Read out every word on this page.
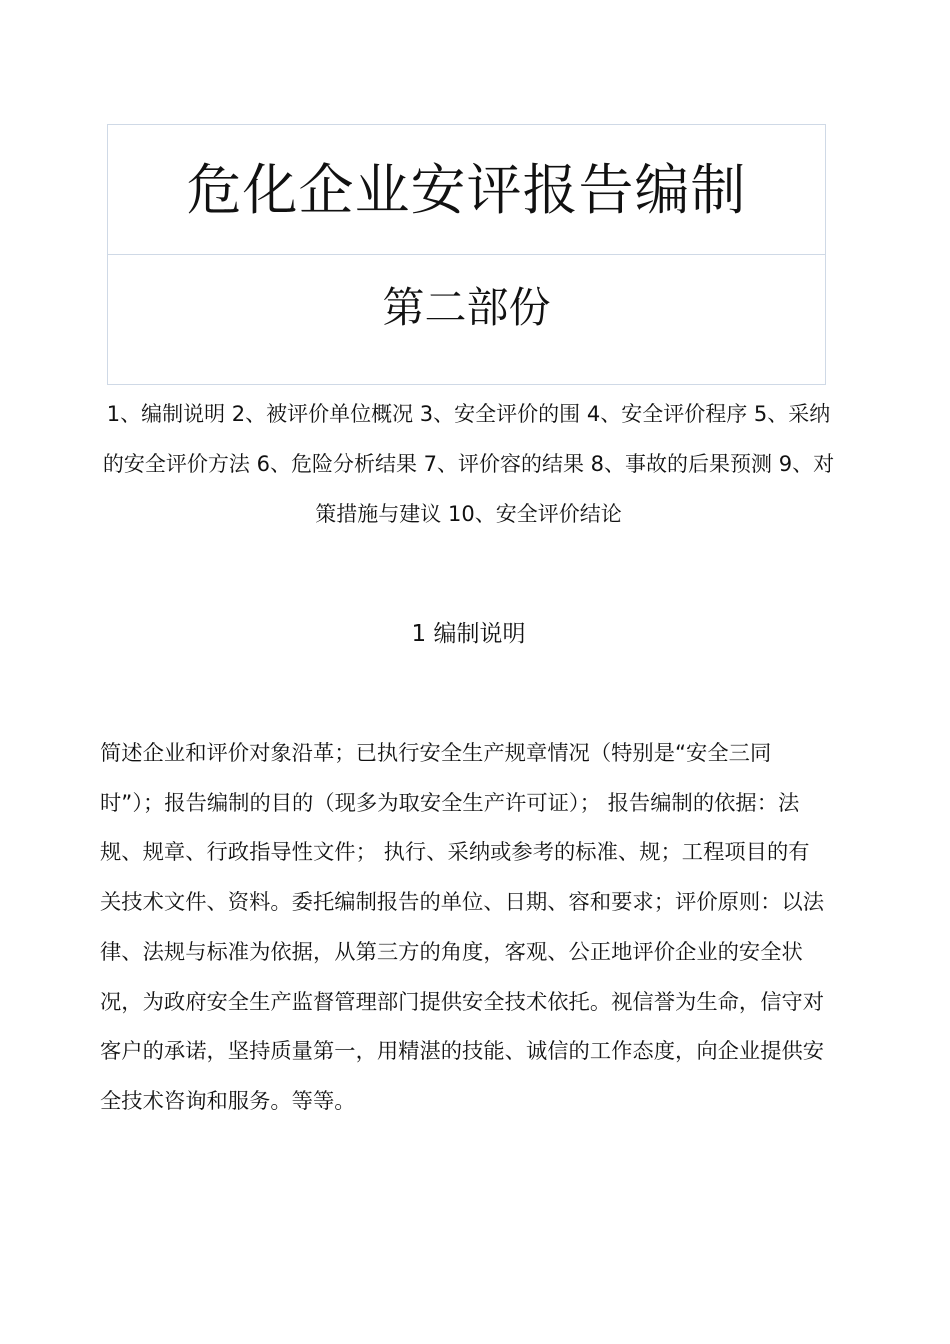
危化企业安评报告编制
第二部份
1、编制说明 2、被评价单位概况 3、安全评价的围 4、安全评价程序 5、采纳的安全评价方法 6、危险分析结果 7、评价容的结果 8、事故的后果预测 9、对策措施与建议 10、安全评价结论
1 编制说明
简述企业和评价对象沿革；已执行安全生产规章情况（特别是“安全三同时”）；报告编制的目的（现多为取安全生产许可证）； 报告编制的依据：法规、规章、行政指导性文件； 执行、采纳或参考的标准、规；工程项目的有关技术文件、资料。委托编制报告的单位、日期、容和要求；评价原则：以法律、法规与标准为依据，从第三方的角度，客观、公正地评价企业的安全状况，为政府安全生产监督管理部门提供安全技术依托。视信誉为生命，信守对客户的承诺，坚持质量第一，用精湛的技能、诚信的工作态度，向企业提供安全技术咨询和服务。等等。
